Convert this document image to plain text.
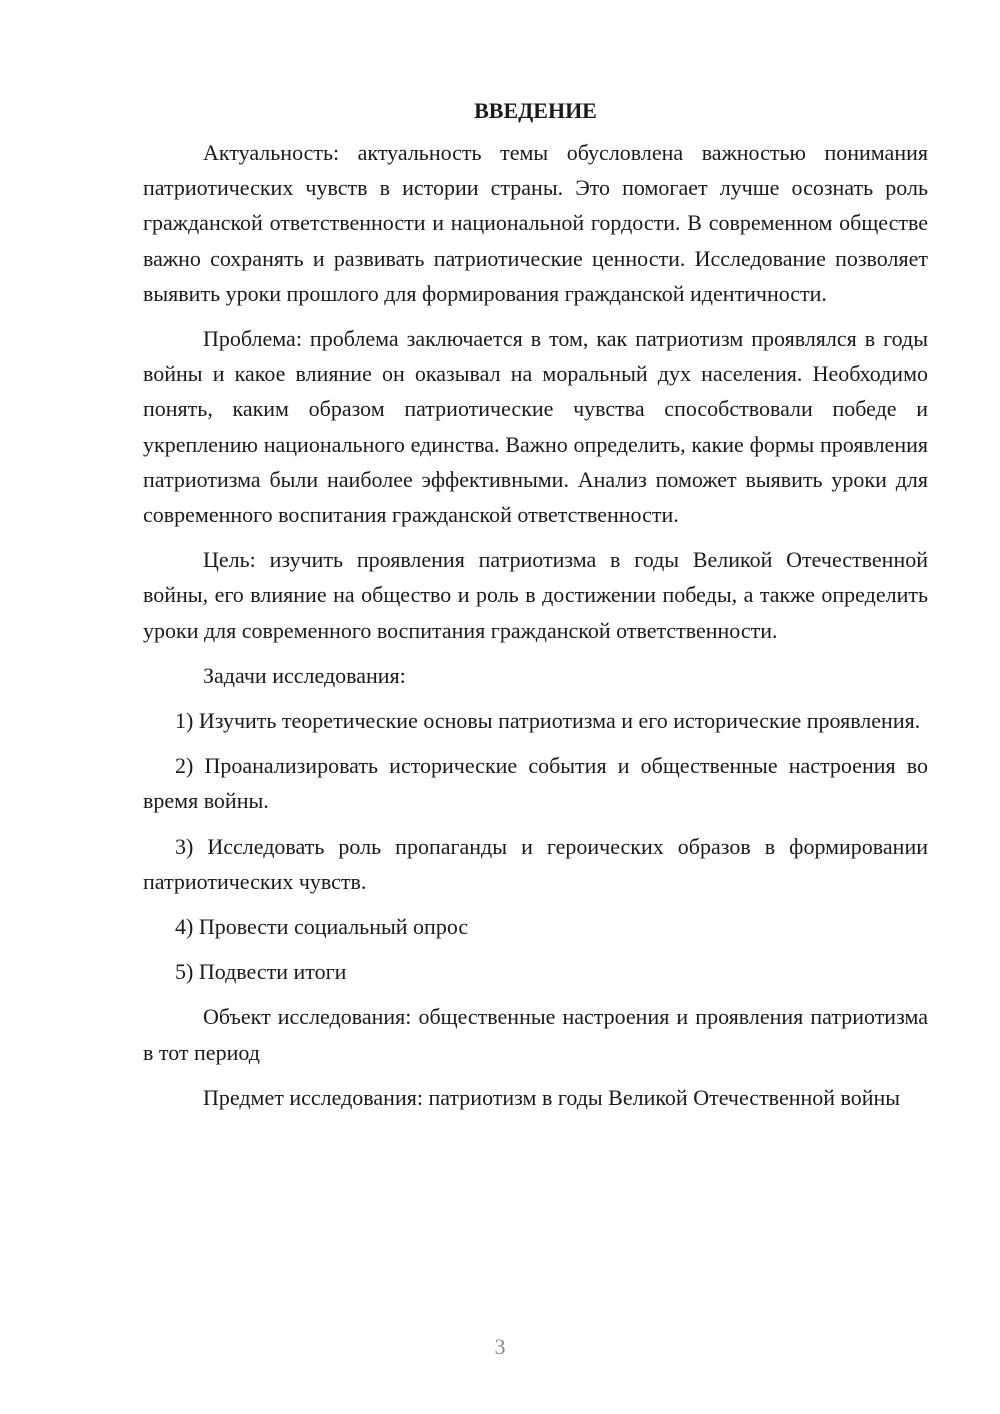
ВВЕДЕНИЕ

Актуальность: актуальность темы обусловлена важностью понимания патриотических чувств в истории страны. Это помогает лучше осознать роль гражданской ответственности и национальной гордости. В современном обществе важно сохранять и развивать патриотические ценности. Исследование позволяет выявить уроки прошлого для формирования гражданской идентичности.

Проблема: проблема заключается в том, как патриотизм проявлялся в годы войны и какое влияние он оказывал на моральный дух населения. Необходимо понять, каким образом патриотические чувства способствовали победе и укреплению национального единства. Важно определить, какие формы проявления патриотизма были наиболее эффективными. Анализ поможет выявить уроки для современного воспитания гражданской ответственности.

Цель: изучить проявления патриотизма в годы Великой Отечественной войны, его влияние на общество и роль в достижении победы, а также определить уроки для современного воспитания гражданской ответственности.

Задачи исследования:

1) Изучить теоретические основы патриотизма и его исторические проявления.

2) Проанализировать исторические события и общественные настроения во время войны.

3) Исследовать роль пропаганды и героических образов в формировании патриотических чувств.

4) Провести социальный опрос

5) Подвести итоги

Объект исследования: общественные настроения и проявления патриотизма в тот период

Предмет исследования: патриотизм в годы Великой Отечественной войны

3
